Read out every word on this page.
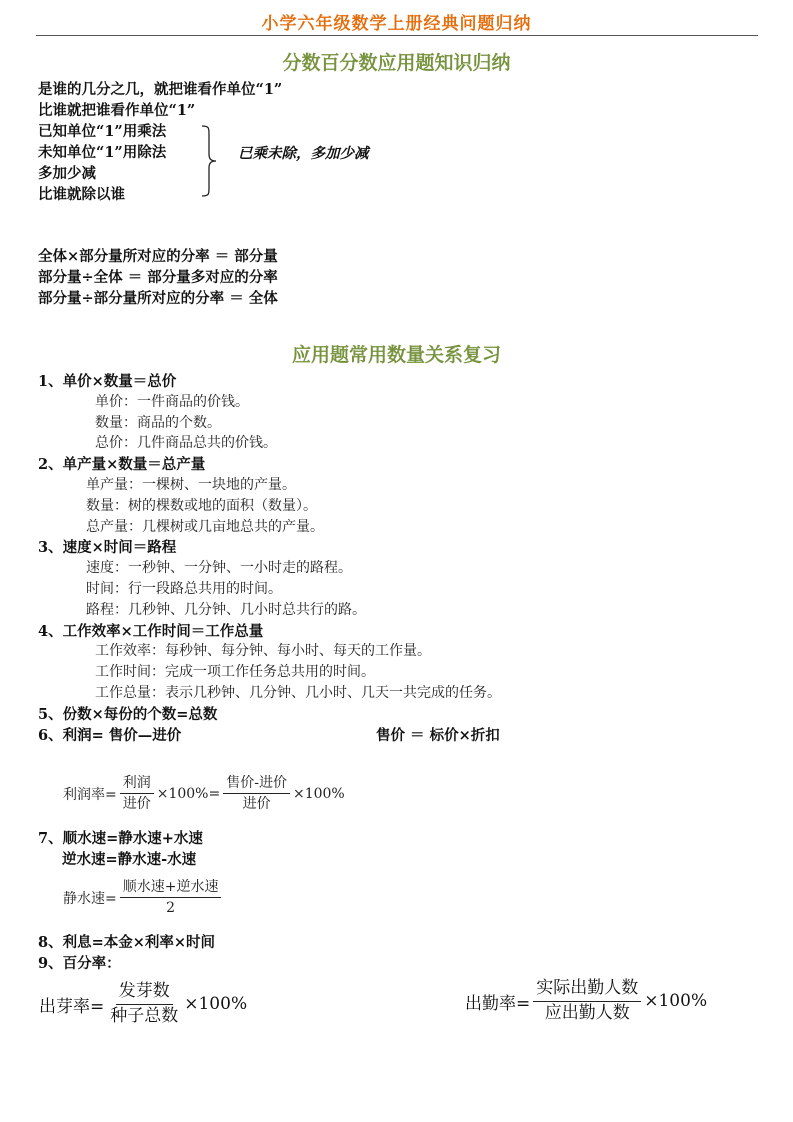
小学六年级数学上册经典问题归纳
分数百分数应用题知识归纳
是谁的几分之几，就把谁看作单位“1”
比谁就把谁看作单位“1”
已知单位“1”用乘法
未知单位“1”用除法
多加少减
比谁就除以谁
已乘未除，多加少减
全体×部分量所对应的分率 ＝ 部分量
部分量÷全体 ＝ 部分量多对应的分率
部分量÷部分量所对应的分率 ＝ 全体
应用题常用数量关系复习
1、单价×数量＝总价
单价：一件商品的价钱。
数量：商品的个数。
总价：几件商品总共的价钱。
2、单产量×数量＝总产量
单产量：一棵树、一块地的产量。
数量：树的棵数或地的面积（数量）。
总产量：几棵树或几亩地总共的产量。
3、速度×时间＝路程
速度：一秒钟、一分钟、一小时走的路程。
时间：行一段路总共用的时间。
路程：几秒钟、几分钟、几小时总共行的路。
4、工作效率×工作时间＝工作总量
工作效率：每秒钟、每分钟、每小时、每天的工作量。
工作时间：完成一项工作任务总共用的时间。
工作总量：表示几秒钟、几分钟、几小时、几天一共完成的任务。
5、份数×每份的个数=总数
6、利润= 售价—进价	售价 ＝ 标价×折扣
利润率= $\frac{\text{利润}}{\text{进价}} \times 100\%= \frac{\text{售价-进价}}{\text{进价}} \times 100\%$
7、顺水速=静水速+水速
逆水速=静水速-水速
静水速= $\frac{\text{顺水速+逆水速}}{2}$
8、利息=本金×利率×时间
9、百分率：
出芽率= $\frac{\text{发芽数}}{\text{种子总数}} \times 100\%$	出勤率= $\frac{\text{实际出勤人数}}{\text{应出勤人数}} \times 100\%$
